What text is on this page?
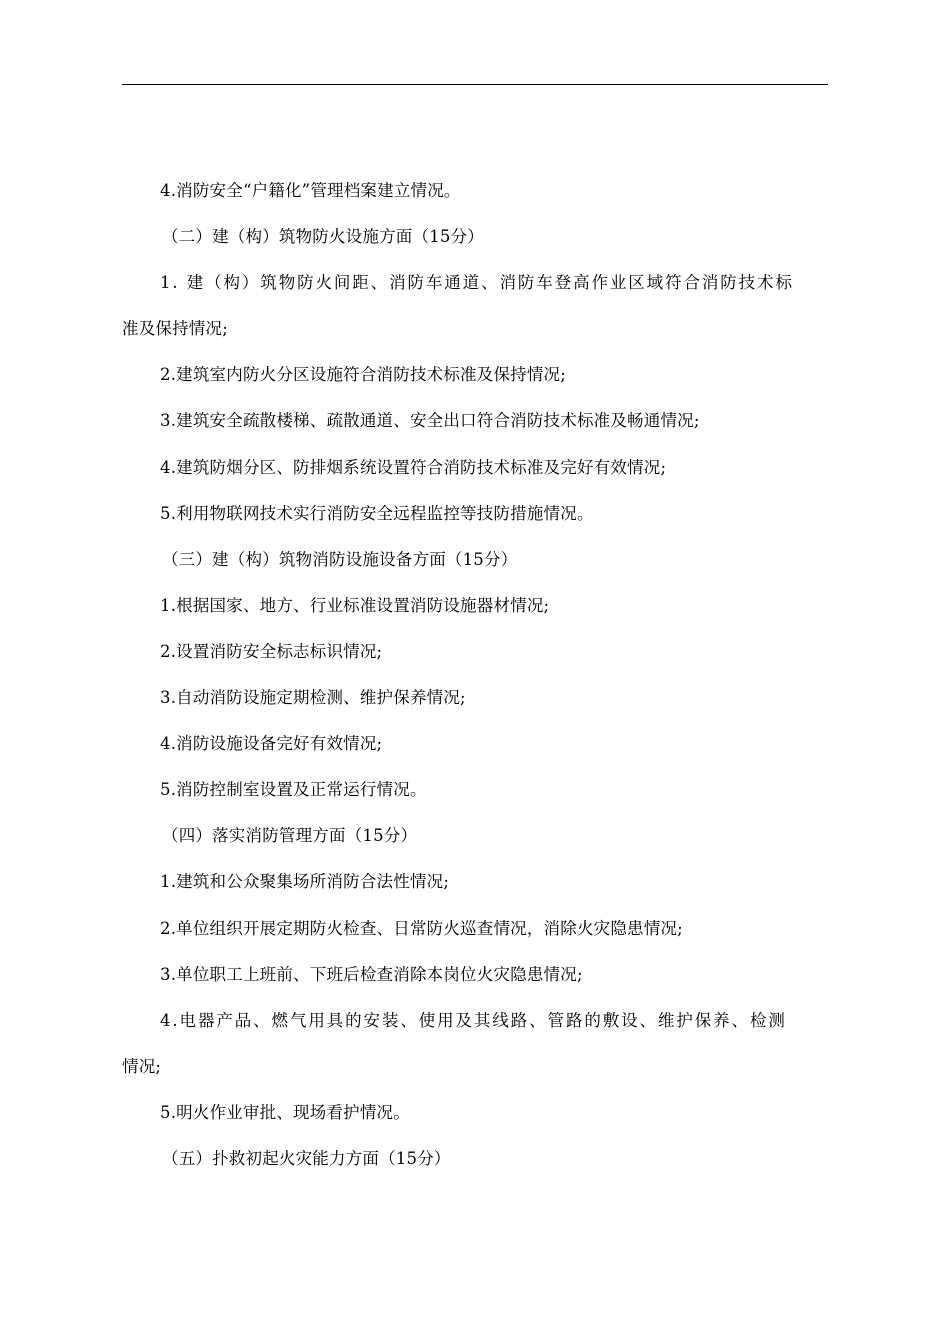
4.消防安全“户籍化”管理档案建立情况。
（二）建（构）筑物防火设施方面（15分）
1. 建（构）筑物防火间距、消防车通道、消防车登高作业区域符合消防技术标
准及保持情况;
2.建筑室内防火分区设施符合消防技术标准及保持情况;
3.建筑安全疏散楼梯、疏散通道、安全出口符合消防技术标准及畅通情况;
4.建筑防烟分区、防排烟系统设置符合消防技术标准及完好有效情况;
5.利用物联网技术实行消防安全远程监控等技防措施情况。
（三）建（构）筑物消防设施设备方面（15分）
1.根据国家、地方、行业标准设置消防设施器材情况;
2.设置消防安全标志标识情况;
3.自动消防设施定期检测、维护保养情况;
4.消防设施设备完好有效情况;
5.消防控制室设置及正常运行情况。
（四）落实消防管理方面（15分）
1.建筑和公众聚集场所消防合法性情况;
2.单位组织开展定期防火检查、日常防火巡查情况，消除火灾隐患情况;
3.单位职工上班前、下班后检查消除本岗位火灾隐患情况;
4.电器产品、燃气用具的安装、使用及其线路、管路的敷设、维护保养、检测
情况;
5.明火作业审批、现场看护情况。
（五）扑救初起火灾能力方面（15分）
